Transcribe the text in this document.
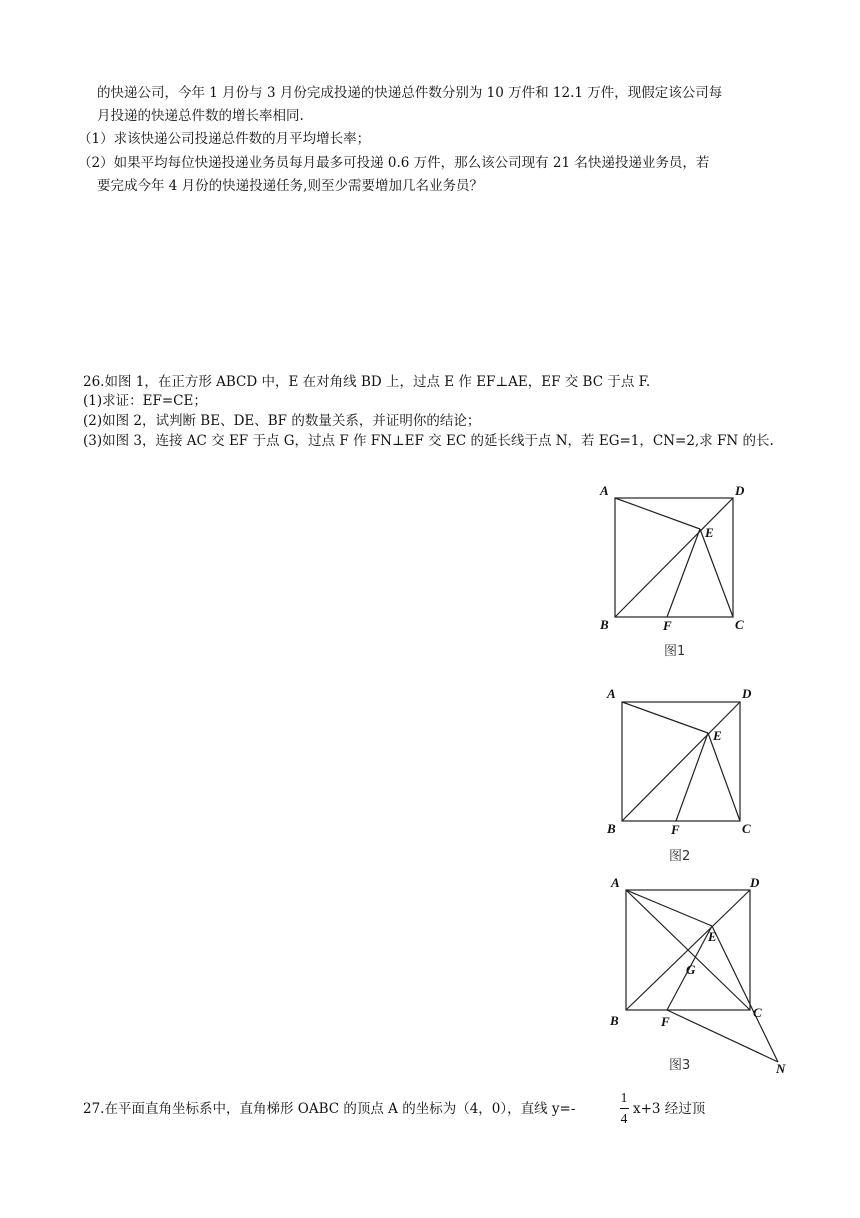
的快递公司，今年 1 月份与 3 月份完成投递的快递总件数分别为 10 万件和 12.1 万件，现假定该公司每
月投递的快递总件数的增长率相同.
（1）求该快递公司投递总件数的月平均增长率；
（2）如果平均每位快递投递业务员每月最多可投递 0.6 万件，那么该公司现有 21 名快递投递业务员，若
要完成今年 4 月份的快递投递任务,则至少需要增加几名业务员？
26.如图 1，在正方形 ABCD 中，E 在对角线 BD 上，过点 E 作 EF⊥AE，EF 交 BC 于点 F.
(1)求证：EF=CE；
(2)如图 2，试判断 BE、DE、BF 的数量关系，并证明你的结论；
(3)如图 3，连接 AC 交 EF 于点 G，过点 F 作 FN⊥EF 交 EC 的延长线于点 N，若 EG=1，CN=2,求 FN 的长.
A	D
E
B	F	C
图1
A	D
E
B	F	C
图2
A	D
E
G
B	F
C
N
图3
27.在平面直角坐标系中，直角梯形 OABC 的顶点 A 的坐标为（4，0），直线 y=-
1
4
x+3 经过顶
